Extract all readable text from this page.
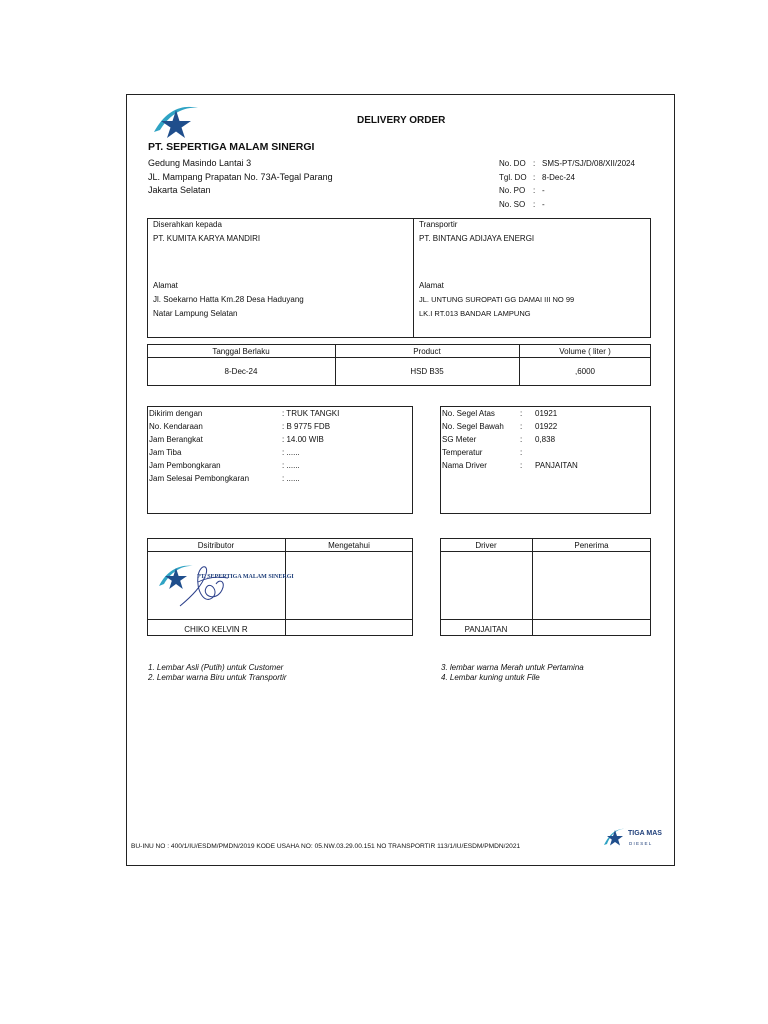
DELIVERY ORDER
PT. SEPERTIGA MALAM SINERGI
Gedung Masindo Lantai 3
JL. Mampang Prapatan No. 73A-Tegal Parang
Jakarta Selatan
No. DO : SMS-PT/SJ/D/08/XII/2024
Tgl. DO : 8-Dec-24
No. PO : -
No. SO : -
Diserahkan kepada
PT. KUMITA KARYA MANDIRI
Alamat
Jl. Soekarno Hatta Km.28 Desa Haduyang
Natar Lampung Selatan
Transportir
PT. BINTANG ADIJAYA ENERGI
Alamat
JL. UNTUNG SUROPATI GG DAMAI III NO 99
LK.I RT.013 BANDAR LAMPUNG
Tanggal Berlaku	Product	Volume ( liter )
8-Dec-24	HSD B35	,6000
Dikirim dengan	: TRUK TANGKI
No. Kendaraan	: B 9775 FDB
Jam Berangkat	: 14.00 WIB
Jam Tiba	: ......
Jam Pembongkaran	: ......
Jam Selesai Pembongkaran	: ......
No. Segel Atas	: 01921
No. Segel Bawah : 01922
SG Meter	: 0,838
Temperatur	:
Nama Driver	: PANJAITAN
Dsitributor	Mengetahui
PT. SEPERTIGA MALAM SINERGI
CHIKO KELVIN R
Driver	Penerima
PANJAITAN
1. Lembar Asli (Putih) untuk Customer
2. Lembar warna Biru untuk Transportir
3. lembar warna Merah untuk Pertamina
4. Lembar kuning untuk File
BU-INU NO : 400/1/IU/ESDM/PMDN/2019 KODE USAHA NO: 05.NW.03.29.00.151 NO TRANSPORTIR 113/1/IU/ESDM/PMDN/2021
TIGA MAS
D I E S E L
